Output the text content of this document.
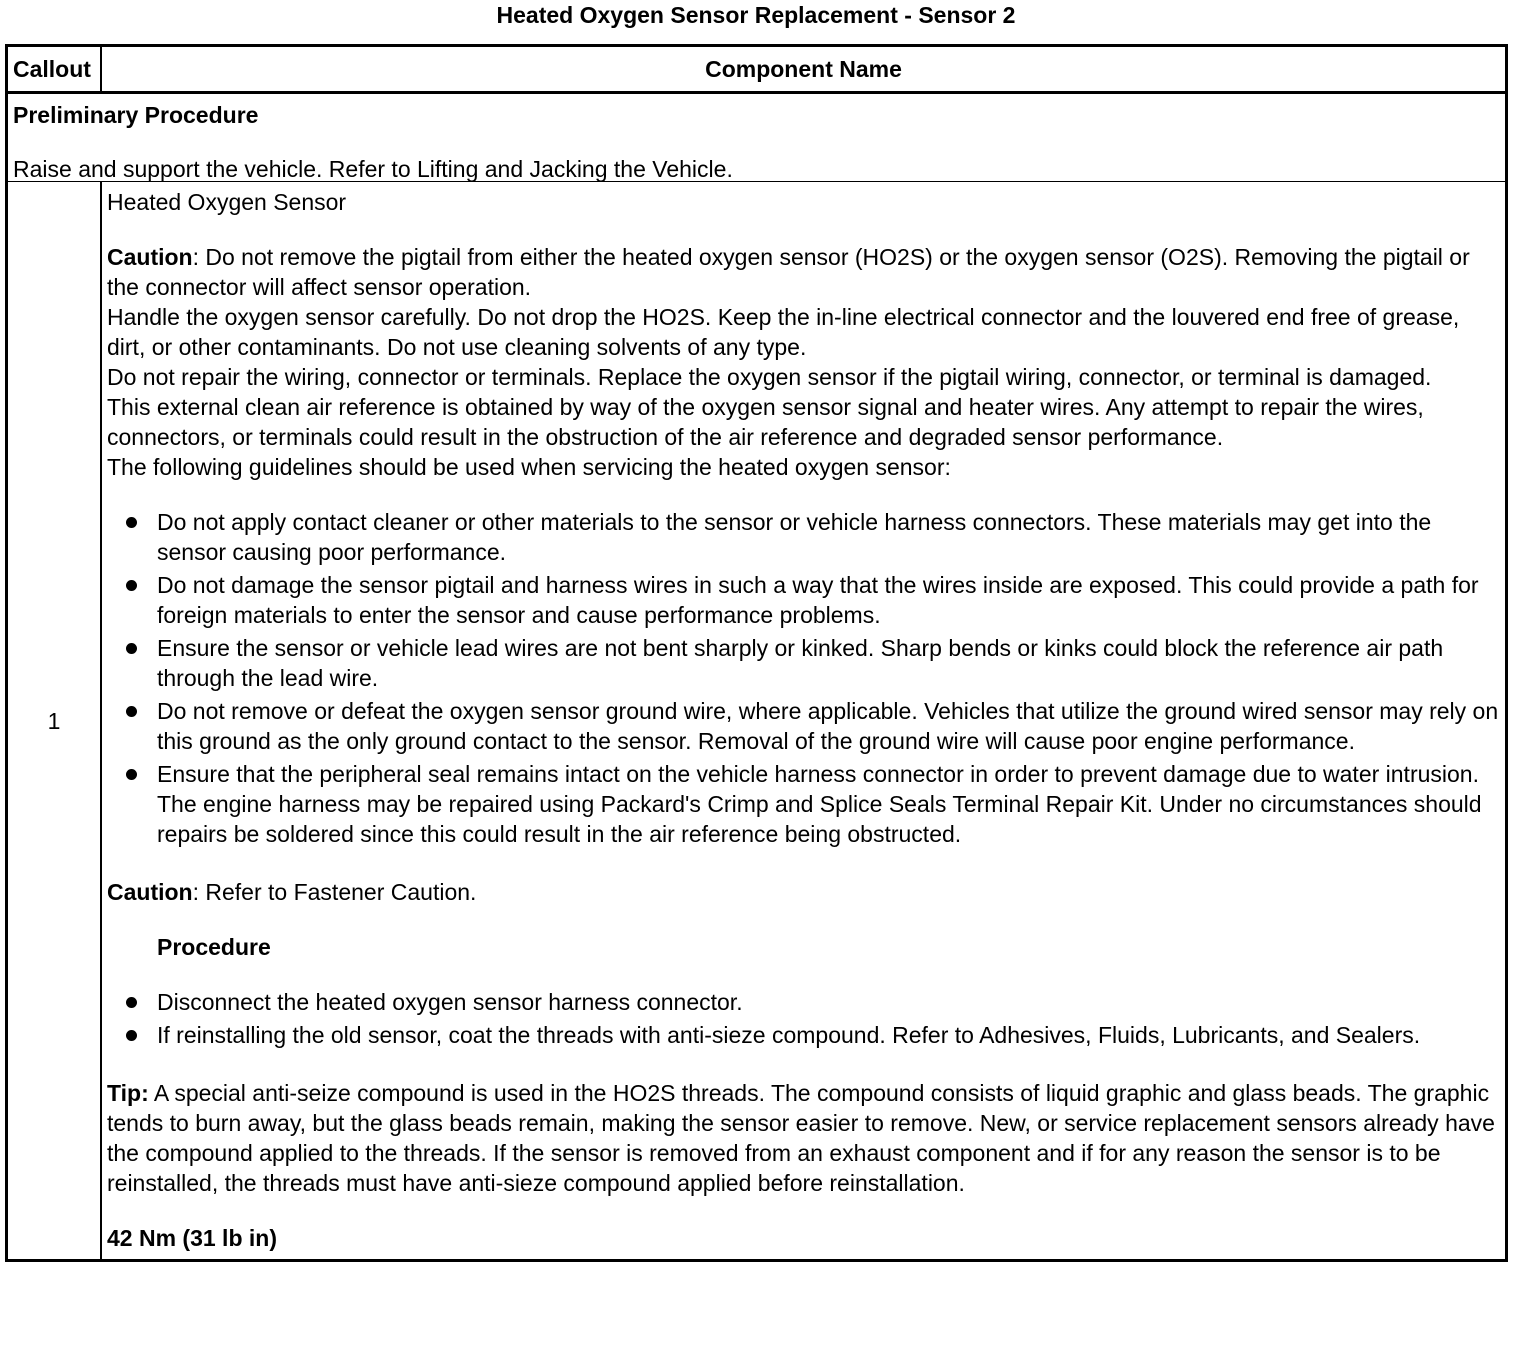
Heated Oxygen Sensor Replacement - Sensor 2
Callout	Component Name
Preliminary Procedure
Raise and support the vehicle. Refer to Lifting and Jacking the Vehicle.
1

Heated Oxygen Sensor

Caution: Do not remove the pigtail from either the heated oxygen sensor (HO2S) or the oxygen sensor (O2S). Removing the pigtail or the connector will affect sensor operation.

Handle the oxygen sensor carefully. Do not drop the HO2S. Keep the in-line electrical connector and the louvered end free of grease, dirt, or other contaminants. Do not use cleaning solvents of any type.

Do not repair the wiring, connector or terminals. Replace the oxygen sensor if the pigtail wiring, connector, or terminal is damaged.

This external clean air reference is obtained by way of the oxygen sensor signal and heater wires. Any attempt to repair the wires, connectors, or terminals could result in the obstruction of the air reference and degraded sensor performance.

The following guidelines should be used when servicing the heated oxygen sensor:

Do not apply contact cleaner or other materials to the sensor or vehicle harness connectors. These materials may get into the sensor causing poor performance.
Do not damage the sensor pigtail and harness wires in such a way that the wires inside are exposed. This could provide a path for foreign materials to enter the sensor and cause performance problems.
Ensure the sensor or vehicle lead wires are not bent sharply or kinked. Sharp bends or kinks could block the reference air path through the lead wire.
Do not remove or defeat the oxygen sensor ground wire, where applicable. Vehicles that utilize the ground wired sensor may rely on this ground as the only ground contact to the sensor. Removal of the ground wire will cause poor engine performance.
Ensure that the peripheral seal remains intact on the vehicle harness connector in order to prevent damage due to water intrusion. The engine harness may be repaired using Packard's Crimp and Splice Seals Terminal Repair Kit. Under no circumstances should repairs be soldered since this could result in the air reference being obstructed.

Caution: Refer to Fastener Caution.

Procedure

Disconnect the heated oxygen sensor harness connector.
If reinstalling the old sensor, coat the threads with anti-sieze compound. Refer to Adhesives, Fluids, Lubricants, and Sealers.

Tip: A special anti-seize compound is used in the HO2S threads. The compound consists of liquid graphic and glass beads. The graphic tends to burn away, but the glass beads remain, making the sensor easier to remove. New, or service replacement sensors already have the compound applied to the threads. If the sensor is removed from an exhaust component and if for any reason the sensor is to be reinstalled, the threads must have anti-sieze compound applied before reinstallation.

42 Nm (31 lb in)
